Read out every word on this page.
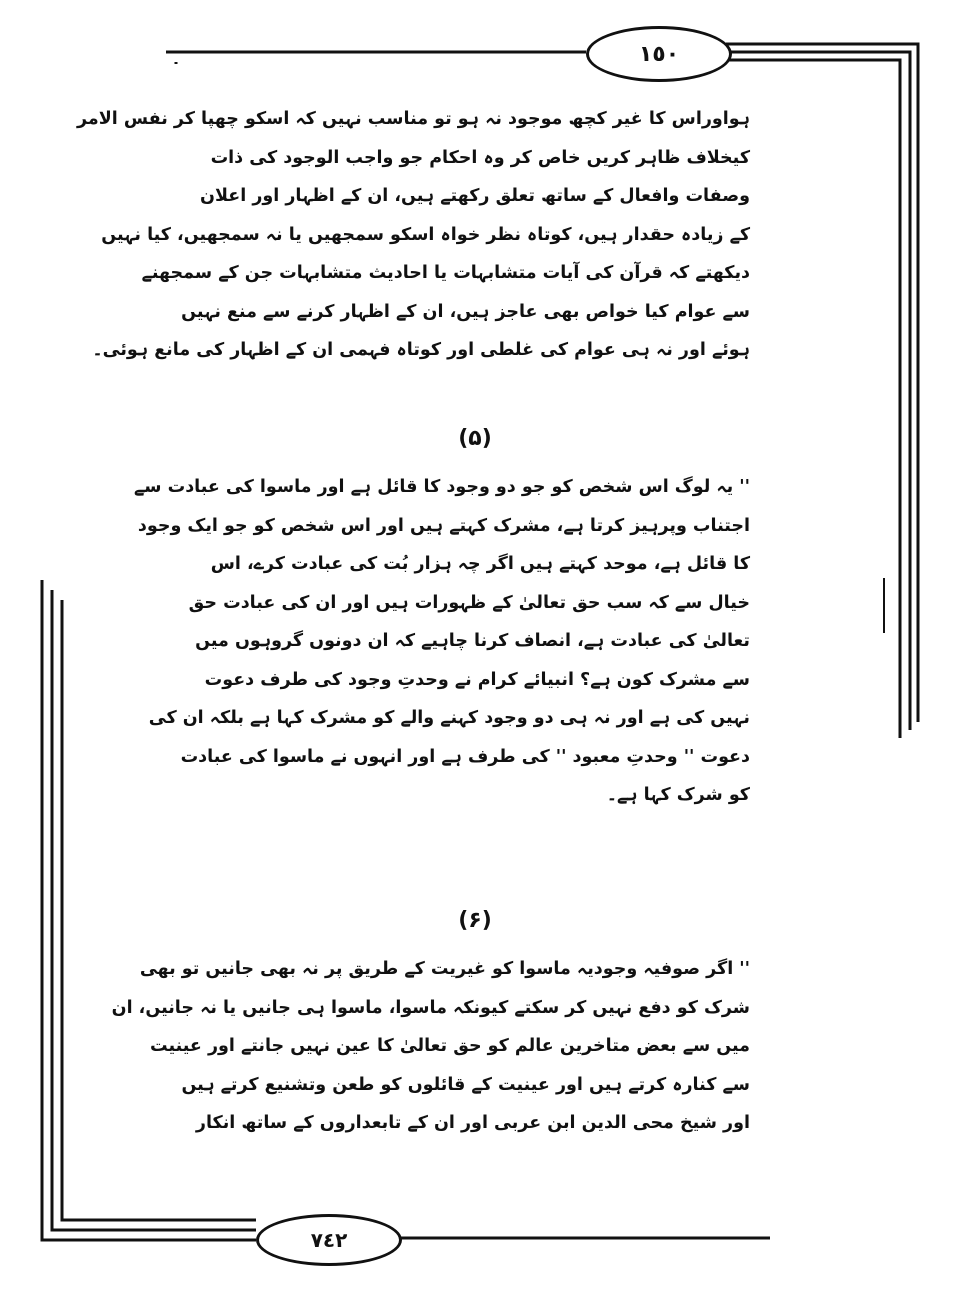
١٥٠
٧٤٢
ہواوراس کا غیر کچھ موجود نہ ہو تو مناسب نہیں کہ اسکو چھپا کر نفس الامر
کیخلاف ظاہر کریں خاص کر وہ احکام جو واجب الوجود کی ذات
وصفات وافعال کے ساتھ تعلق رکھتے ہیں، ان کے اظہار اور اعلان
کے زیادہ حقدار ہیں، کوتاہ نظر خواہ اسکو سمجھیں یا نہ سمجھیں، کیا نہیں
دیکھتے کہ قرآن کی آیات متشابہات یا احادیث متشابہات جن کے سمجھنے
سے عوام کیا خواص بھی عاجز ہیں، ان کے اظہار کرنے سے منع نہیں
ہوئے اور نہ ہی عوام کی غلطی اور کوتاہ فہمی ان کے اظہار کی مانع ہوئی۔
(۵)
'' یہ لوگ اس شخص کو جو دو وجود کا قائل ہے اور ماسوا کی عبادت سے
اجتناب وپرہیز کرتا ہے، مشرک کہتے ہیں اور اس شخص کو جو ایک وجود
کا قائل ہے، موحد کہتے ہیں اگر چہ ہزار بُت کی عبادت کرے، اس
خیال سے کہ سب حق تعالیٰ کے ظہورات ہیں اور ان کی عبادت حق
تعالیٰ کی عبادت ہے، انصاف کرنا چاہیے کہ ان دونوں گروہوں میں
سے مشرک کون ہے؟ انبیائے کرام نے وحدتِ وجود کی طرف دعوت
نہیں کی ہے اور نہ ہی دو وجود کہنے والے کو مشرک کہا ہے بلکہ ان کی
دعوت '' وحدتِ معبود '' کی طرف ہے اور انہوں نے ماسوا کی عبادت
کو شرک کہا ہے۔
(۶)
'' اگر صوفیہ وجودیہ ماسوا کو غیریت کے طریق پر نہ بھی جانیں تو بھی
شرک کو دفع نہیں کر سکتے کیونکہ ماسوا، ماسوا ہی جانیں یا نہ جانیں، ان
میں سے بعض متاخرین عالم کو حق تعالیٰ کا عین نہیں جانتے اور عینیت
سے کنارہ کرتے ہیں اور عینیت کے قائلوں کو طعن وتشنیع کرتے ہیں
اور شیخ محی الدین ابن عربی اور ان کے تابعداروں کے ساتھ انکار
